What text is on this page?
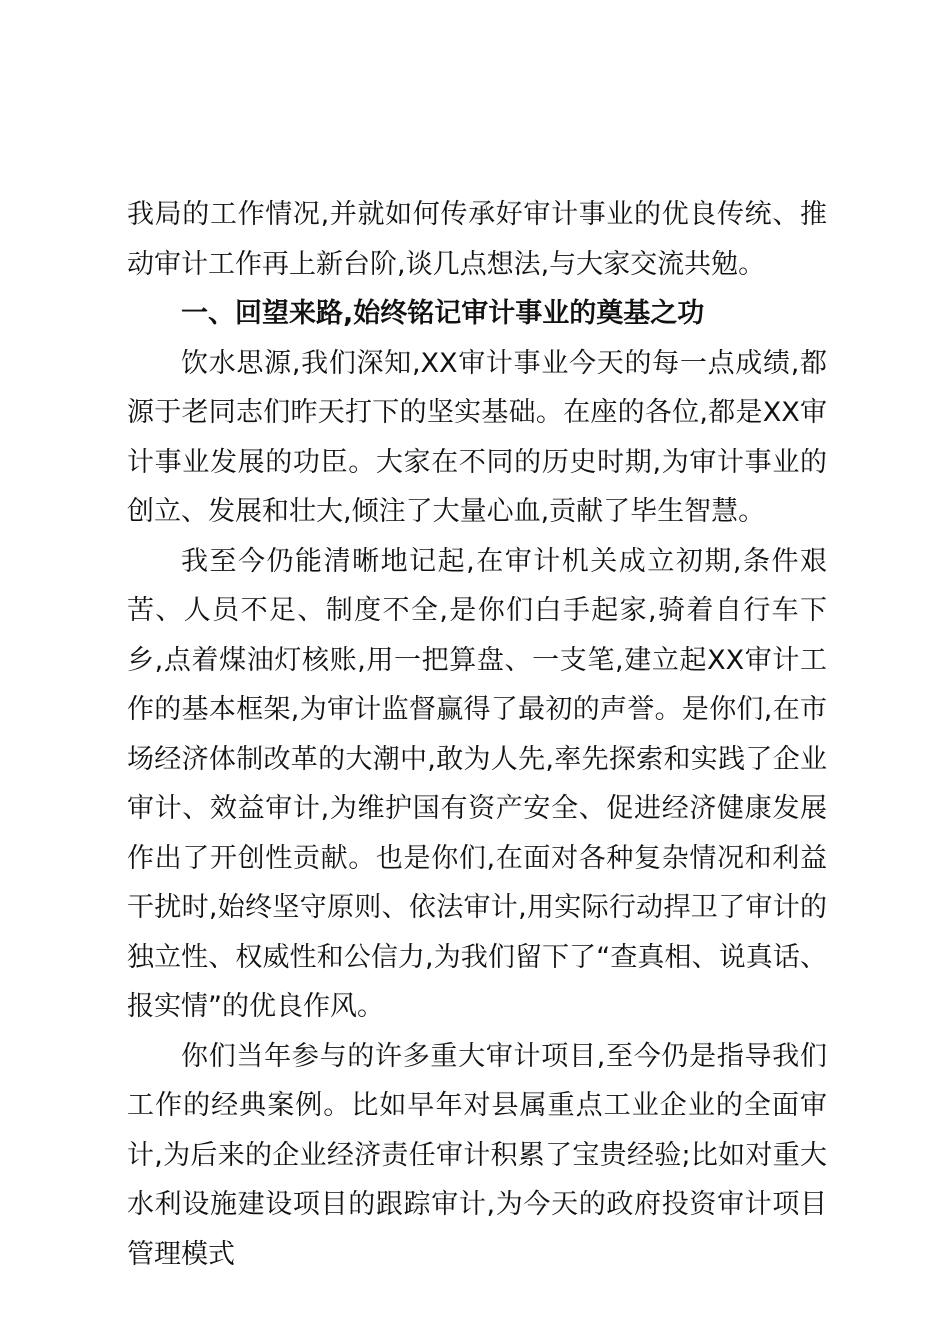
我局的工作情况,并就如何传承好审计事业的优良传统、推动审计工作再上新台阶,谈几点想法,与大家交流共勉。

一、回望来路,始终铭记审计事业的奠基之功

饮水思源,我们深知,XX审计事业今天的每一点成绩,都源于老同志们昨天打下的坚实基础。在座的各位,都是XX审计事业发展的功臣。大家在不同的历史时期,为审计事业的创立、发展和壮大,倾注了大量心血,贡献了毕生智慧。

我至今仍能清晰地记起,在审计机关成立初期,条件艰苦、人员不足、制度不全,是你们白手起家,骑着自行车下乡,点着煤油灯核账,用一把算盘、一支笔,建立起XX审计工作的基本框架,为审计监督赢得了最初的声誉。是你们,在市场经济体制改革的大潮中,敢为人先,率先探索和实践了企业审计、效益审计,为维护国有资产安全、促进经济健康发展作出了开创性贡献。也是你们,在面对各种复杂情况和利益干扰时,始终坚守原则、依法审计,用实际行动捍卫了审计的独立性、权威性和公信力,为我们留下了“查真相、说真话、报实情”的优良作风。

你们当年参与的许多重大审计项目,至今仍是指导我们工作的经典案例。比如早年对县属重点工业企业的全面审计,为后来的企业经济责任审计积累了宝贵经验;比如对重大水利设施建设项目的跟踪审计,为今天的政府投资审计项目管理模式
